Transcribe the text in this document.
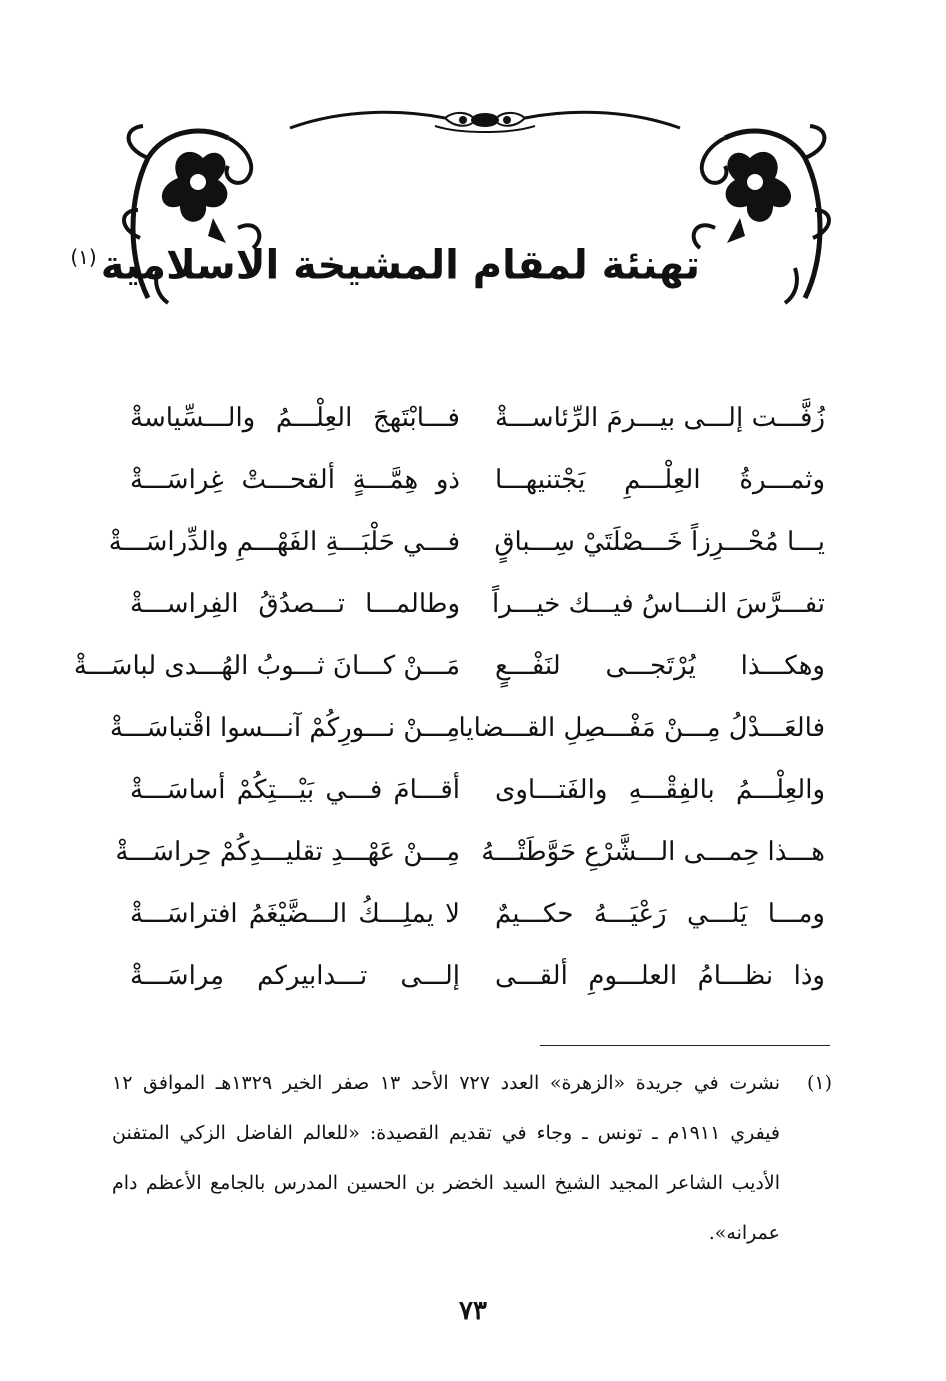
تهنئة لمقام المشيخة الاسلامية$^{(١)}$
زُفَّـــت إلـــى بيـــرمَ الرِّئاســـةْ
فـــابْتَهجَ العِلْـــمُ والـــسِّياسةْ
وثمـــرةُ العِلْـــمِ يَجْتنيهـــا
ذو هِمَّـــةٍ ألقحـــتْ غِراسَـــةْ
يـــا مُحْـــرِزاً خَـــصْلَتَيْ سِـــباقٍ
فـــي حَلْبَـــةِ الفَهْـــمِ والدِّراسَـــةْ
تفـــرَّسَ النـــاسُ فيـــك خيـــراً
وطالمـــا تـــصدُقُ الفِراســـةْ
وهكـــذا يُرْتَجـــى لنَفْـــعٍ
مَـــنْ كـــانَ ثـــوبُ الهُـــدى لباسَـــةْ
فالعَـــدْلُ مِـــنْ مَفْـــصِلِ القـــضايا
مِـــنْ نـــورِكُمْ آنـــسوا اقْتباسَـــةْ
والعِلْـــمُ بالفِقْـــهِ والفَتـــاوى
أقـــامَ فـــي بَيْـــتِكُمْ أساسَـــةْ
هـــذا حِمـــى الـــشَّرْعِ حَوَّطَتْـــهُ
مِـــنْ عَهْـــدِ تقليـــدِكُمْ حِراسَـــةْ
ومـــا يَلـــي رَعْيَـــهُ حكـــيمٌ
لا يملِـــكُ الـــضَّيْغَمُ افتراسَـــةْ
وذا نظـــامُ العلـــومِ ألقـــى
إلـــى تـــدابيركم مِراسَـــةْ
(١)
نشرت في جريدة «الزهرة» العدد ٧٢٧ الأحد ١٣ صفر الخير ١٣٢٩هـ الموافق ١٢ فيفري ١٩١١م ـ تونس ـ وجاء في تقديم القصيدة: «للعالم الفاضل الزكي المتفنن الأديب الشاعر المجيد الشيخ السيد الخضر بن الحسين المدرس بالجامع الأعظم دام عمرانه».
٧٣
